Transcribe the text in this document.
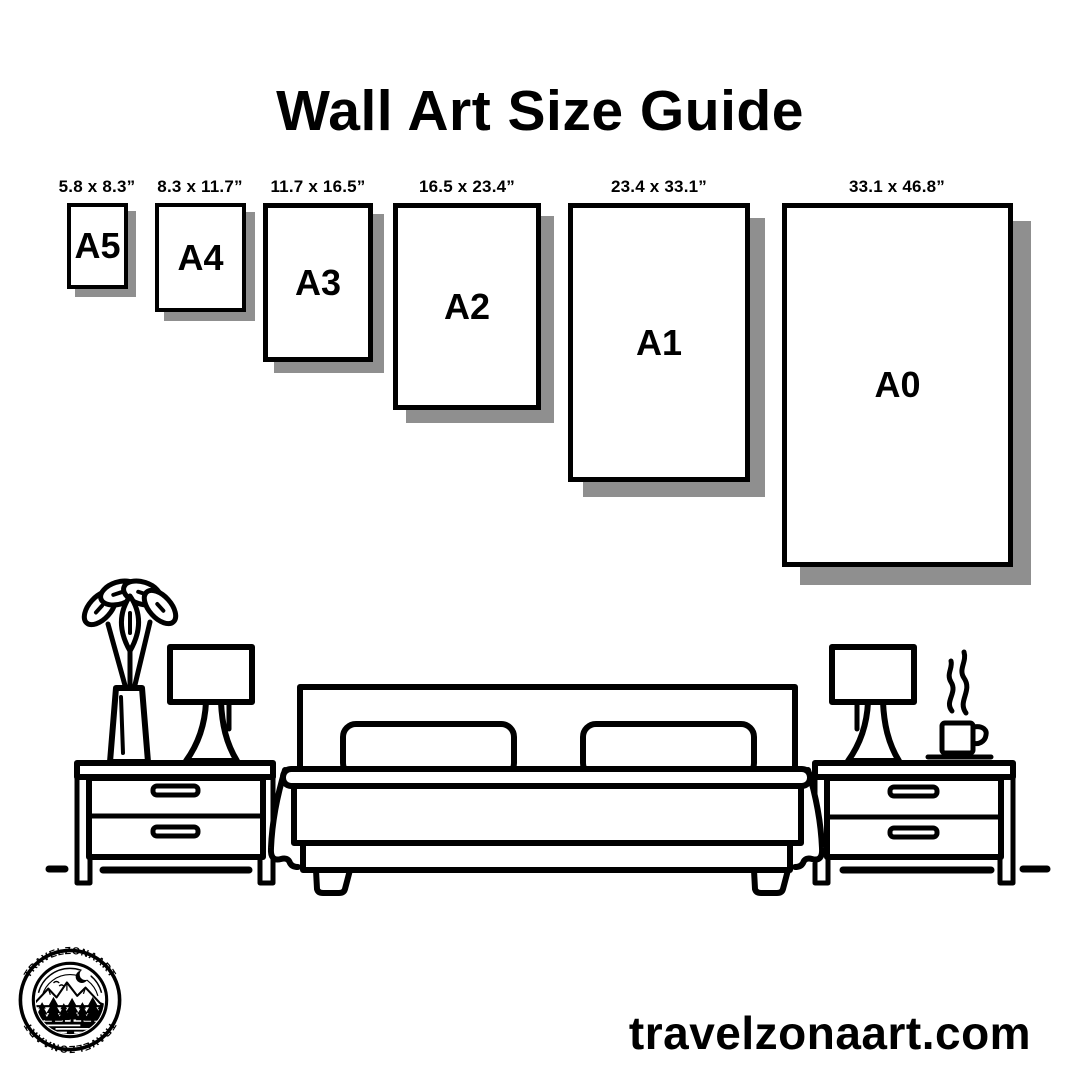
Wall Art Size Guide
5.8 x 8.3”	8.3 x 11.7”	11.7 x 16.5”	16.5 x 23.4”	23.4 x 33.1”	33.1 x 46.8”
A5 A4
A3
A2
A1
A0
·TRAVELZONAART·
·TRAVELZONAART·	travelzonaart.com
